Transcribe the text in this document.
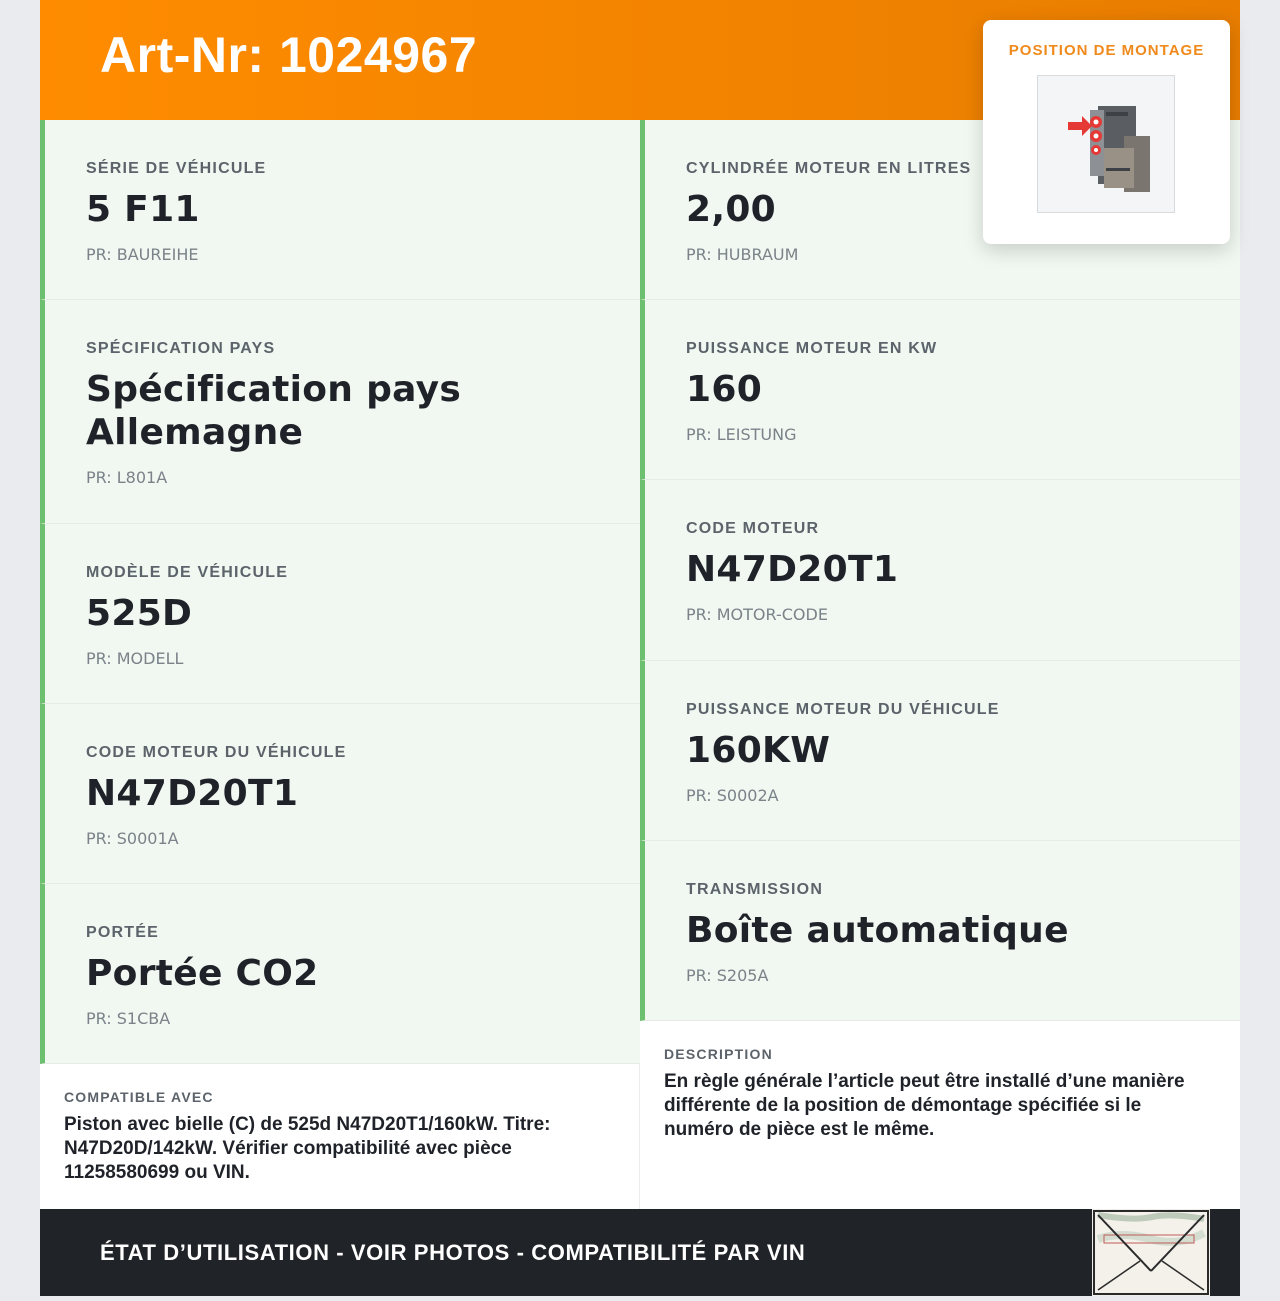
Art-Nr: 1024967
SÉRIE DE VÉHICULE
5 F11
PR: BAUREIHE
SPÉCIFICATION PAYS
Spécification pays Allemagne
PR: L801A
MODÈLE DE VÉHICULE
525D
PR: MODELL
CODE MOTEUR DU VÉHICULE
N47D20T1
PR: S0001A
PORTÉE
Portée CO2
PR: S1CBA
CYLINDRÉE MOTEUR EN LITRES
2,00
PR: HUBRAUM
PUISSANCE MOTEUR EN KW
160
PR: LEISTUNG
CODE MOTEUR
N47D20T1
PR: MOTOR-CODE
PUISSANCE MOTEUR DU VÉHICULE
160KW
PR: S0002A
TRANSMISSION
Boîte automatique
PR: S205A
COMPATIBLE AVEC
Piston avec bielle (C) de 525d N47D20T1/160kW. Titre: N47D20D/142kW. Vérifier compatibilité avec pièce 11258580699 ou VIN.
DESCRIPTION
En règle générale l’article peut être installé d’une manière différente de la position de démontage spécifiée si le numéro de pièce est le même.
POSITION DE MONTAGE
ÉTAT D’UTILISATION - VOIR PHOTOS - COMPATIBILITÉ PAR VIN
